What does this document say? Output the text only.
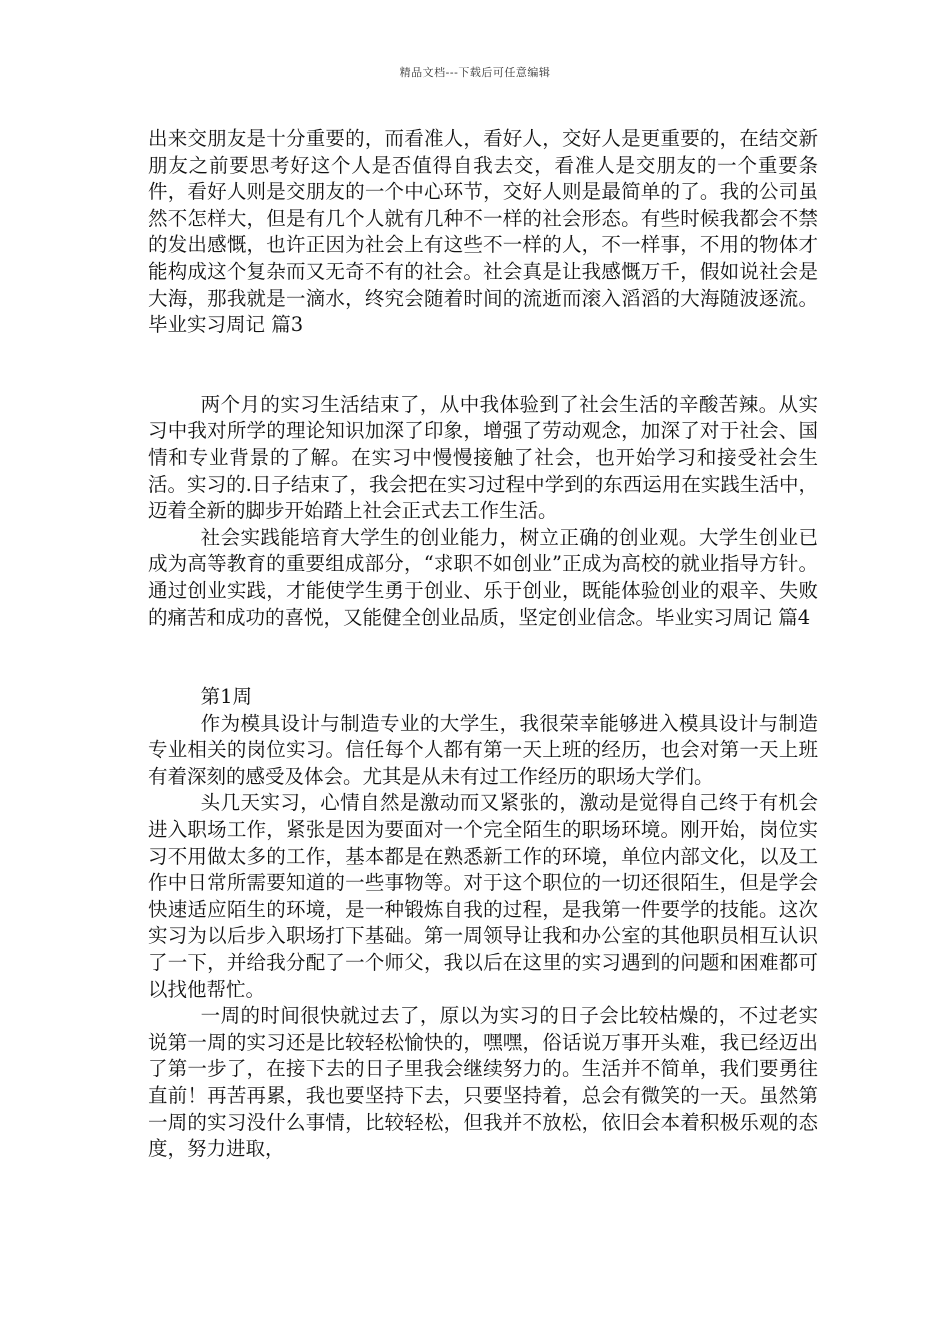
精品文档---下载后可任意编辑

出来交朋友是十分重要的，而看准人，看好人，交好人是更重要的，在结交新朋友之前要思考好这个人是否值得自我去交，看准人是交朋友的一个重要条件，看好人则是交朋友的一个中心环节，交好人则是最简单的了。我的公司虽然不怎样大，但是有几个人就有几种不一样的社会形态。有些时候我都会不禁的发出感慨，也许正因为社会上有这些不一样的人，不一样事，不用的物体才能构成这个复杂而又无奇不有的社会。社会真是让我感慨万千，假如说社会是大海，那我就是一滴水，终究会随着时间的流逝而滚入滔滔的大海随波逐流。毕业实习周记 篇3

两个月的实习生活结束了，从中我体验到了社会生活的辛酸苦辣。从实习中我对所学的理论知识加深了印象，增强了劳动观念，加深了对于社会、国情和专业背景的了解。在实习中慢慢接触了社会，也开始学习和接受社会生活。实习的.日子结束了，我会把在实习过程中学到的东西运用在实践生活中，迈着全新的脚步开始踏上社会正式去工作生活。

社会实践能培育大学生的创业能力，树立正确的创业观。大学生创业已成为高等教育的重要组成部分，“求职不如创业”正成为高校的就业指导方针。通过创业实践，才能使学生勇于创业、乐于创业，既能体验创业的艰辛、失败的痛苦和成功的喜悦，又能健全创业品质，坚定创业信念。毕业实习周记 篇4

第1周

作为模具设计与制造专业的大学生，我很荣幸能够进入模具设计与制造专业相关的岗位实习。信任每个人都有第一天上班的经历，也会对第一天上班有着深刻的感受及体会。尤其是从未有过工作经历的职场大学们。

头几天实习，心情自然是激动而又紧张的，激动是觉得自己终于有机会进入职场工作，紧张是因为要面对一个完全陌生的职场环境。刚开始，岗位实习不用做太多的工作，基本都是在熟悉新工作的环境，单位内部文化，以及工作中日常所需要知道的一些事物等。对于这个职位的一切还很陌生，但是学会快速适应陌生的环境，是一种锻炼自我的过程，是我第一件要学的技能。这次实习为以后步入职场打下基础。第一周领导让我和办公室的其他职员相互认识了一下，并给我分配了一个师父，我以后在这里的实习遇到的问题和困难都可以找他帮忙。

一周的时间很快就过去了，原以为实习的日子会比较枯燥的，不过老实说第一周的实习还是比较轻松愉快的，嘿嘿，俗话说万事开头难，我已经迈出了第一步了，在接下去的日子里我会继续努力的。生活并不简单，我们要勇往直前！再苦再累，我也要坚持下去，只要坚持着，总会有微笑的一天。虽然第一周的实习没什么事情，比较轻松，但我并不放松，依旧会本着积极乐观的态度，努力进取，
